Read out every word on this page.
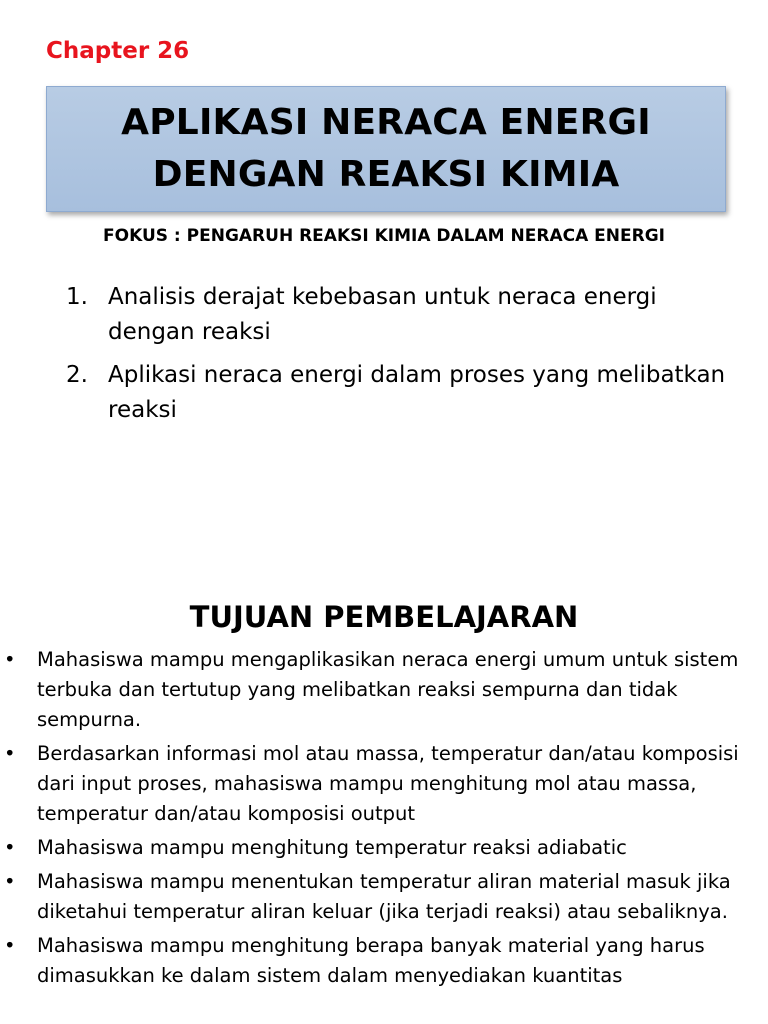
Chapter 26
APLIKASI NERACA ENERGI
DENGAN REAKSI KIMIA
FOKUS : PENGARUH REAKSI KIMIA DALAM NERACA ENERGI
1. Analisis derajat kebebasan untuk neraca energi dengan reaksi
2. Aplikasi neraca energi dalam proses yang melibatkan reaksi
TUJUAN PEMBELAJARAN
• Mahasiswa mampu mengaplikasikan neraca energi umum untuk sistem terbuka dan tertutup yang melibatkan reaksi sempurna dan tidak sempurna.
• Berdasarkan informasi mol atau massa, temperatur dan/atau komposisi dari input proses, mahasiswa mampu menghitung mol atau massa, temperatur dan/atau komposisi output
• Mahasiswa mampu menghitung temperatur reaksi adiabatic
• Mahasiswa mampu menentukan temperatur aliran material masuk jika diketahui temperatur aliran keluar (jika terjadi reaksi) atau sebaliknya.
• Mahasiswa mampu menghitung berapa banyak material yang harus dimasukkan ke dalam sistem dalam menyediakan kuantitas
